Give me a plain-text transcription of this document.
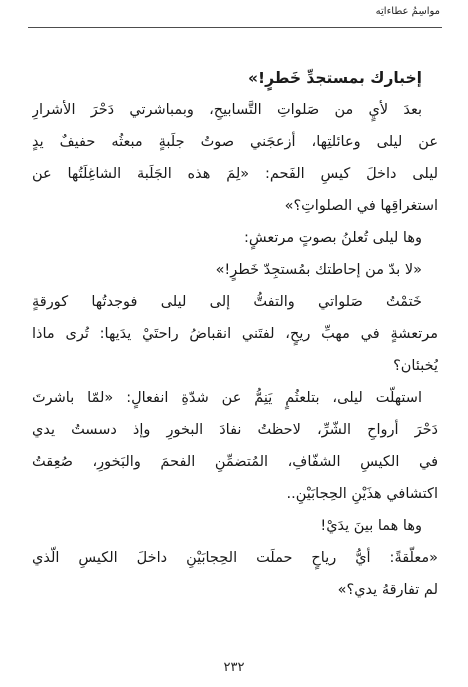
مواسِمُ عطاءاتِه
إخبارك بمستجدِّ خَطرٍ!»
بعدَ لأيٍ من صَلواتِ التَّسابيحِ، وبمباشرتي دَحْرَ الأشرارِ
عن ليلى وعائلتِها، أزعجَني صوتُ جلَبةٍ مبعثُه حفيفٌ يدٍ
ليلى داخلَ كيسِ الفَحم: «لِمَ هذه الجَلَبة الشاغِلَتُها عن
استغراقِها في الصلواتِ؟»
وها ليلى تُعلنُ بصوتٍ مرتعشٍ:
«لا بدّ من إحاطتك بمُستجِدّ خَطرٍ!»
خَتمْتُ صَلواتي والتفتُّ إلى ليلى فوجدتُها كورقةٍ
مرتعشةٍ في مهبِّ ريحٍ، لفتَني انقباضُ راحتَيْ يدَيها: تُرى ماذا
يُخبئان؟
استهلّت ليلى، بتلعثُمٍ يَنِمُّ عن شدّةِ انفعالٍ: «لمّا باشرتَ
دَحْرَ أرواحِ الشّرِّ، لاحظتُ نفادَ البخورِ وإذ دسستُ يدي
في الكيسِ الشفّافِ، المُتضمِّنِ الفحمَ والبَخورِ، صُعِقتُ
اكتشافي هذَيْنِ الحِجابَيْنِ..
وها هما بينَ يدَيْ!
«معلّقةً: أيُّ رياحٍ حملَت الحِجابَيْنِ داخلَ الكيسِ الّذي
لم تفارقهُ يدي؟»
٢٣٢
